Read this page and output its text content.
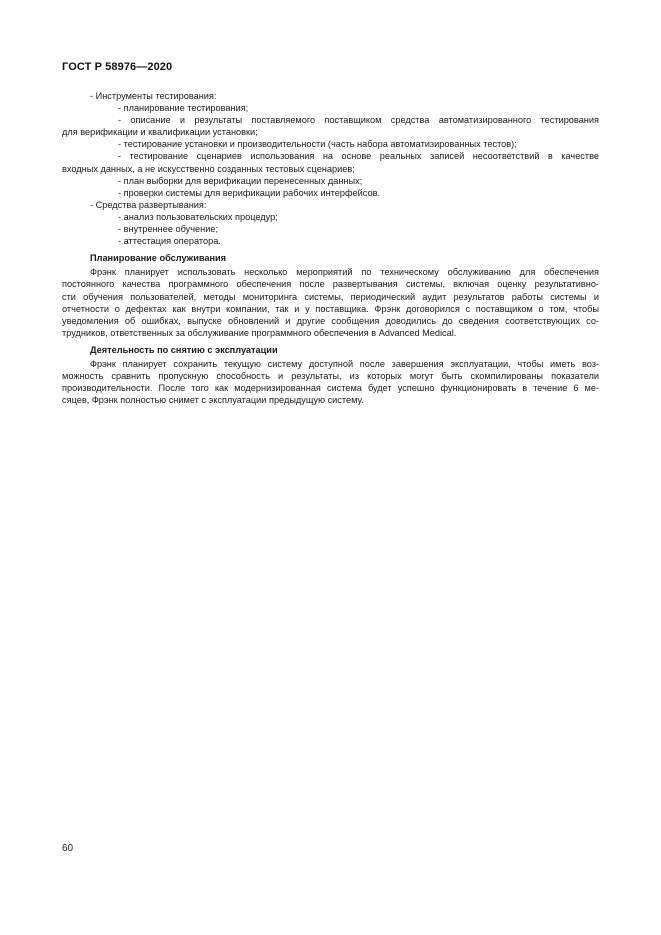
ГОСТ Р 58976—2020
- Инструменты тестирования:
- планирование тестирования;
- описание и результаты поставляемого поставщиком средства автоматизированного тестирования
для верификации и квалификации установки;
- тестирование установки и производительности (часть набора автоматизированных тестов);
- тестирование сценариев использования на основе реальных записей несоответствий в качестве
входных данных, а не искусственно созданных тестовых сценариев;
- план выборки для верификации перенесенных данных;
- проверки системы для верификации рабочих интерфейсов.
- Средства развертывания:
- анализ пользовательских процедур;
- внутреннее обучение;
- аттестация оператора.
Планирование обслуживания
Фрэнк планирует использовать несколько мероприятий по техническому обслуживанию для обеспечения
постоянного качества программного обеспечения после развертывания системы, включая оценку результативно-
сти обучения пользователей, методы мониторинга системы, периодический аудит результатов работы системы и
отчетности о дефектах как внутри компании, так и у поставщика. Фрэнк договорился с поставщиком о том, чтобы
уведомления об ошибках, выпуске обновлений и другие сообщения доводились до сведения соответствующих со-
трудников, ответственных за обслуживание программного обеспечения в Advanced Medical.
Деятельность по снятию с эксплуатации
Фрэнк планирует сохранить текущую систему доступной после завершения эксплуатации, чтобы иметь воз-
можность сравнить пропускную способность и результаты, из которых могут быть скомпилированы показатели
производительности. После того как модернизированная система будет успешно функционировать в течение 6 ме-
сяцев, Фрэнк полностью снимет с эксплуатации предыдущую систему.
60
